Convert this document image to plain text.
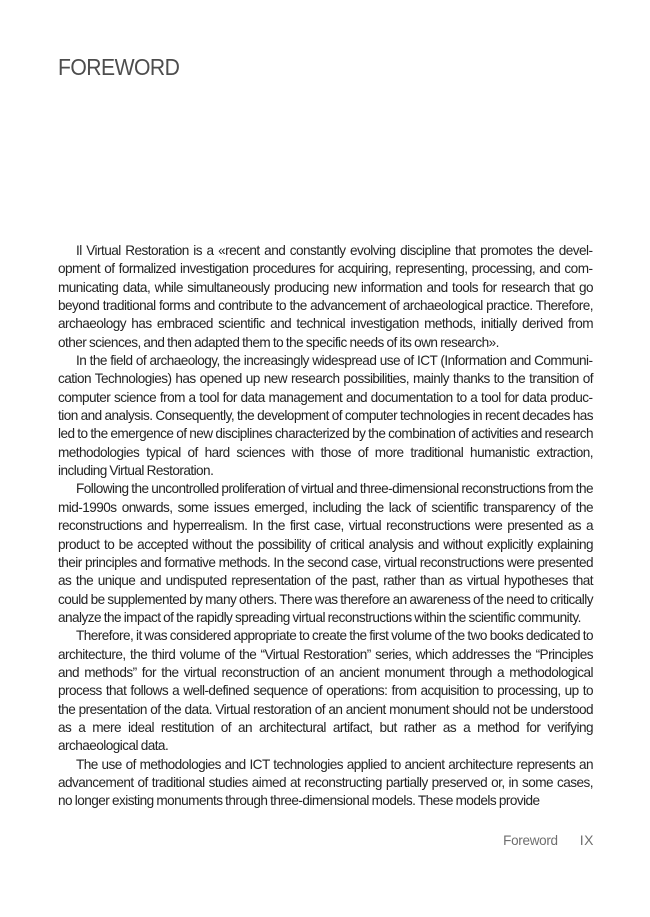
FOREWORD

Il Virtual Restoration is a «recent and constantly evolving discipline that promotes the development of formalized investigation procedures for acquiring, representing, processing, and communicating data, while simultaneously producing new information and tools for research that go beyond traditional forms and contribute to the advancement of archaeological practice. Therefore, archaeology has embraced scientific and technical investigation methods, initially derived from other sciences, and then adapted them to the specific needs of its own research».

In the field of archaeology, the increasingly widespread use of ICT (Information and Communication Technologies) has opened up new research possibilities, mainly thanks to the transition of computer science from a tool for data management and documentation to a tool for data production and analysis. Consequently, the development of computer technologies in recent decades has led to the emergence of new disciplines characterized by the combination of activities and research methodologies typical of hard sciences with those of more traditional humanistic extraction, including Virtual Restoration.

Following the uncontrolled proliferation of virtual and three-dimensional reconstructions from the mid-1990s onwards, some issues emerged, including the lack of scientific transparency of the reconstructions and hyperrealism. In the first case, virtual reconstructions were presented as a product to be accepted without the possibility of critical analysis and without explicitly explaining their principles and formative methods. In the second case, virtual reconstructions were presented as the unique and undisputed representation of the past, rather than as virtual hypotheses that could be supplemented by many others. There was therefore an awareness of the need to critically analyze the impact of the rapidly spreading virtual reconstructions within the scientific community.

Therefore, it was considered appropriate to create the first volume of the two books dedicated to architecture, the third volume of the “Virtual Restoration” series, which addresses the “Principles and methods” for the virtual reconstruction of an ancient monument through a methodological process that follows a well-defined sequence of operations: from acquisition to processing, up to the presentation of the data. Virtual restoration of an ancient monument should not be understood as a mere ideal restitution of an architectural artifact, but rather as a method for verifying archaeological data.

The use of methodologies and ICT technologies applied to ancient architecture represents an advancement of traditional studies aimed at reconstructing partially preserved or, in some cases, no longer existing monuments through three-dimensional models. These models provide

Foreword IX
